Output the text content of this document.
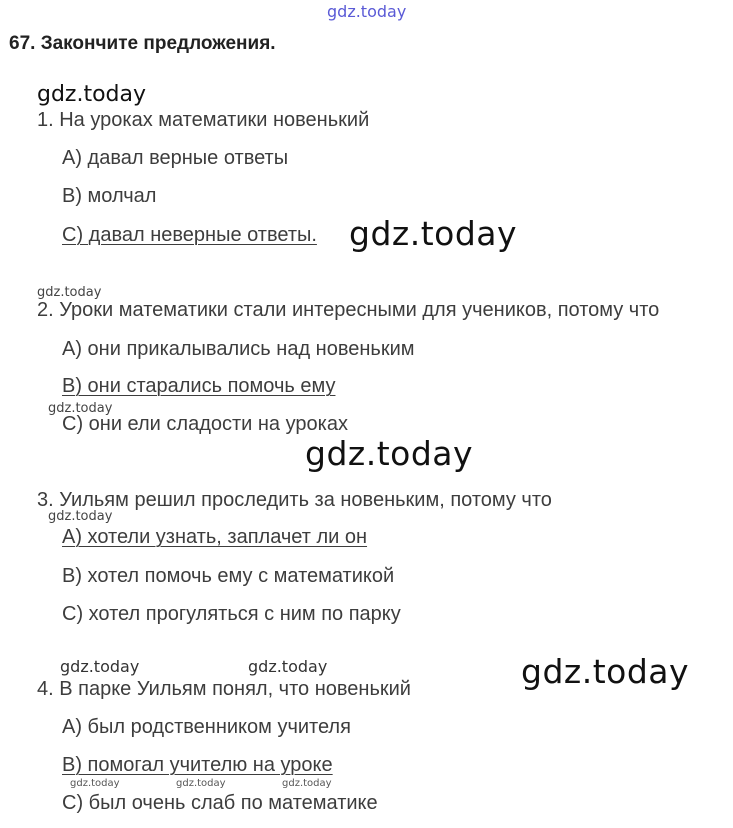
gdz.today
67. Закончите предложения.
gdz.today
1. На уроках математики новенький
A) давал верные ответы
B) молчал
C) давал неверные ответы. gdz.today
gdz.today
2. Уроки математики стали интересными для учеников, потому что
A) они прикалывались над новеньким
B) они старались помочь ему
gdz.today
C) они ели сладости на уроках
gdz.today
3. Уильям решил проследить за новеньким, потому что
gdz.today
A) хотели узнать, заплачет ли он
B) хотел помочь ему с математикой
C) хотел прогуляться с ним по парку
gdz.today	gdz.today	gdz.today
4. В парке Уильям понял, что новенький
A) был родственником учителя
B) помогал учителю на уроке
gdz.today	gdz.today	gdz.today
C) был очень слаб по математике
